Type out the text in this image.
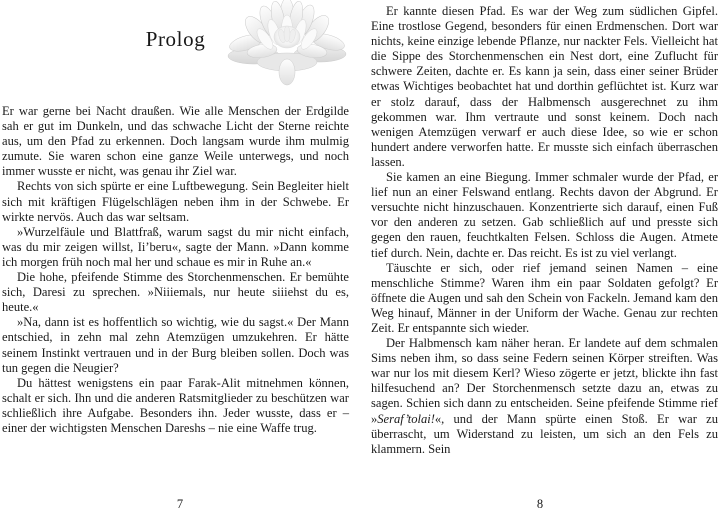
Prolog

Er war gerne bei Nacht draußen. Wie alle Menschen der Erdgilde sah er gut im Dunkeln, und das schwache Licht der Sterne reichte aus, um den Pfad zu erkennen. Doch langsam wurde ihm mulmig zumute. Sie waren schon eine ganze Weile unterwegs, und noch immer wusste er nicht, was genau ihr Ziel war.

Rechts von sich spürte er eine Luftbewegung. Sein Begleiter hielt sich mit kräftigen Flügelschlägen neben ihm in der Schwebe. Er wirkte nervös. Auch das war seltsam.

»Wurzelfäule und Blattfraß, warum sagst du mir nicht einfach, was du mir zeigen willst, Ii’beru«, sagte der Mann. »Dann komme ich morgen früh noch mal her und schaue es mir in Ruhe an.«

Die hohe, pfeifende Stimme des Storchenmenschen. Er bemühte sich, Daresi zu sprechen. »Niiiemals, nur heute siiiehst du es, heute.«

»Na, dann ist es hoffentlich so wichtig, wie du sagst.« Der Mann entschied, in zehn mal zehn Atemzügen umzukehren. Er hätte seinem Instinkt vertrauen und in der Burg bleiben sollen. Doch was tun gegen die Neugier?

Du hättest wenigstens ein paar Farak-Alit mitnehmen können, schalt er sich. Ihn und die anderen Ratsmitglieder zu beschützen war schließlich ihre Aufgabe. Besonders ihn. Jeder wusste, dass er – einer der wichtigsten Menschen Dareshs – nie eine Waffe trug.

7

Er kannte diesen Pfad. Es war der Weg zum südlichen Gipfel. Eine trostlose Gegend, besonders für einen Erdmenschen. Dort war nichts, keine einzige lebende Pflanze, nur nackter Fels. Vielleicht hat die Sippe des Storchenmenschen ein Nest dort, eine Zuflucht für schwere Zeiten, dachte er. Es kann ja sein, dass einer seiner Brüder etwas Wichtiges beobachtet hat und dorthin geflüchtet ist. Kurz war er stolz darauf, dass der Halbmensch ausgerechnet zu ihm gekommen war. Ihm vertraute und sonst keinem. Doch nach wenigen Atemzügen verwarf er auch diese Idee, so wie er schon hundert andere verworfen hatte. Er musste sich einfach überraschen lassen.

Sie kamen an eine Biegung. Immer schmaler wurde der Pfad, er lief nun an einer Felswand entlang. Rechts davon der Abgrund. Er versuchte nicht hinzuschauen. Konzentrierte sich darauf, einen Fuß vor den anderen zu setzen. Gab schließlich auf und presste sich gegen den rauen, feuchtkalten Felsen. Schloss die Augen. Atmete tief durch. Nein, dachte er. Das reicht. Es ist zu viel verlangt.

Täuschte er sich, oder rief jemand seinen Namen – eine menschliche Stimme? Waren ihm ein paar Soldaten gefolgt? Er öffnete die Augen und sah den Schein von Fackeln. Jemand kam den Weg hinauf, Männer in der Uniform der Wache. Genau zur rechten Zeit. Er entspannte sich wieder.

Der Halbmensch kam näher heran. Er landete auf dem schmalen Sims neben ihm, so dass seine Federn seinen Körper streiften. Was war nur los mit diesem Kerl? Wieso zögerte er jetzt, blickte ihn fast hilfesuchend an? Der Storchenmensch setzte dazu an, etwas zu sagen. Schien sich dann zu entscheiden. Seine pfeifende Stimme rief »Seraf’tolai!«, und der Mann spürte einen Stoß. Er war zu überrascht, um Widerstand zu leisten, um sich an den Fels zu klammern. Sein

8
